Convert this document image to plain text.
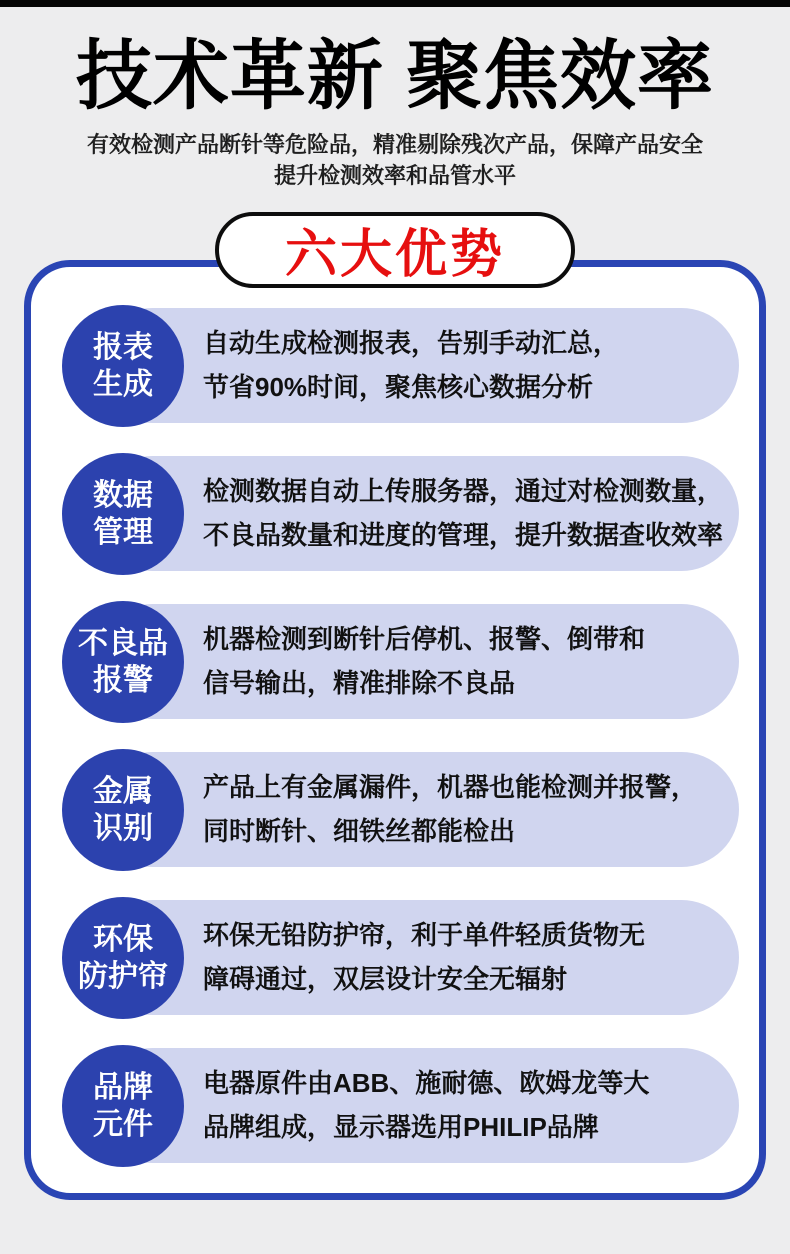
技术革新 聚焦效率
有效检测产品断针等危险品，精准剔除残次产品，保障产品安全
提升检测效率和品管水平
六大优势
报表
生成
自动生成检测报表，告别手动汇总，
节省90%时间，聚焦核心数据分析
数据
管理
检测数据自动上传服务器，通过对检测数量，
不良品数量和进度的管理，提升数据查收效率
不良品
报警
机器检测到断针后停机、报警、倒带和
信号输出，精准排除不良品
金属
识别
产品上有金属漏件，机器也能检测并报警，
同时断针、细铁丝都能检出
环保
防护帘
环保无铅防护帘，利于单件轻质货物无
障碍通过，双层设计安全无辐射
品牌
元件
电器原件由ABB、施耐德、欧姆龙等大
品牌组成，显示器选用PHILIP品牌
